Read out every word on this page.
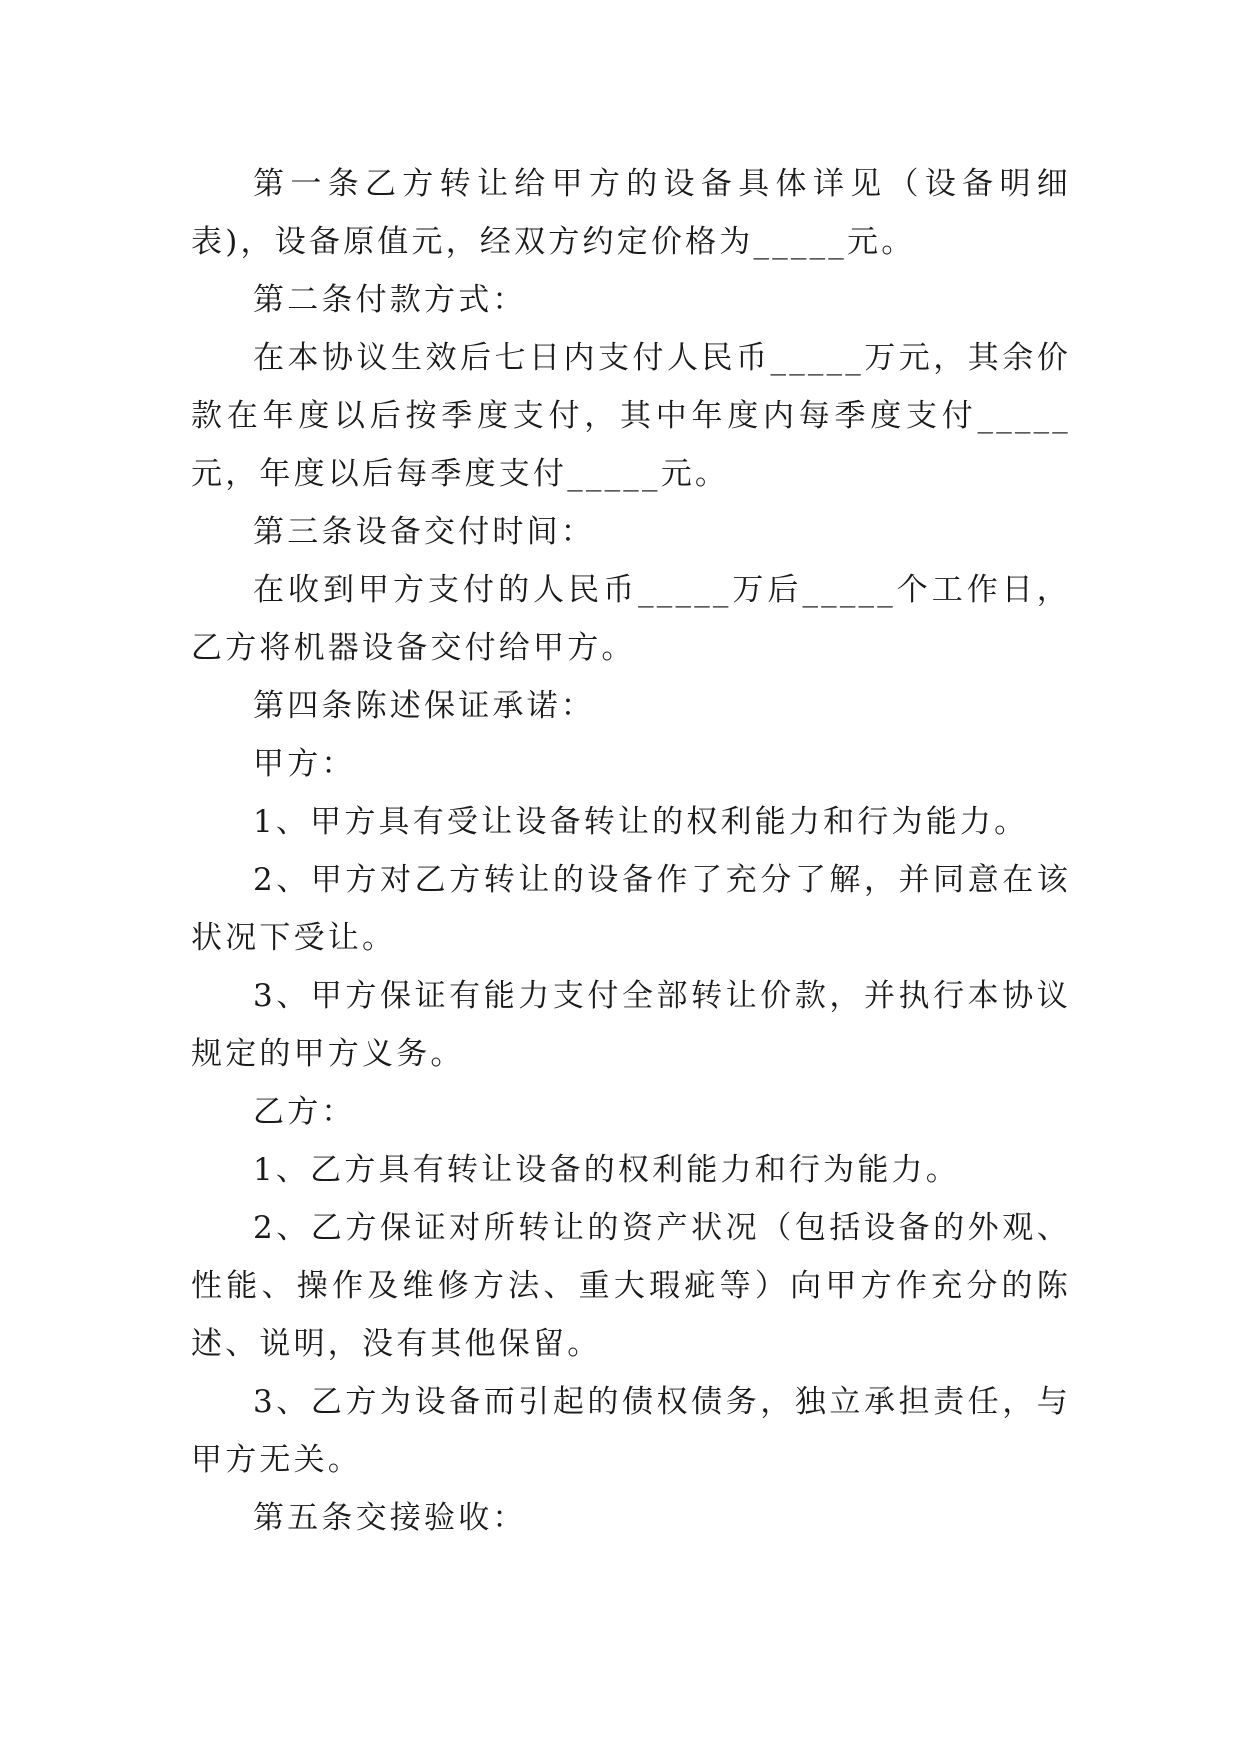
第一条乙方转让给甲方的设备具体详见（设备明细表)，设备原值元，经双方约定价格为_____元。

第二条付款方式：

在本协议生效后七日内支付人民币_____万元，其余价款在年度以后按季度支付，其中年度内每季度支付_____元，年度以后每季度支付_____元。

第三条设备交付时间：

在收到甲方支付的人民币_____万后_____个工作日，乙方将机器设备交付给甲方。

第四条陈述保证承诺：

甲方：

1、甲方具有受让设备转让的权利能力和行为能力。

2、甲方对乙方转让的设备作了充分了解，并同意在该状况下受让。

3、甲方保证有能力支付全部转让价款，并执行本协议规定的甲方义务。

乙方：

1、乙方具有转让设备的权利能力和行为能力。

2、乙方保证对所转让的资产状况（包括设备的外观、性能、操作及维修方法、重大瑕疵等）向甲方作充分的陈述、说明，没有其他保留。

3、乙方为设备而引起的债权债务，独立承担责任，与甲方无关。

第五条交接验收：
